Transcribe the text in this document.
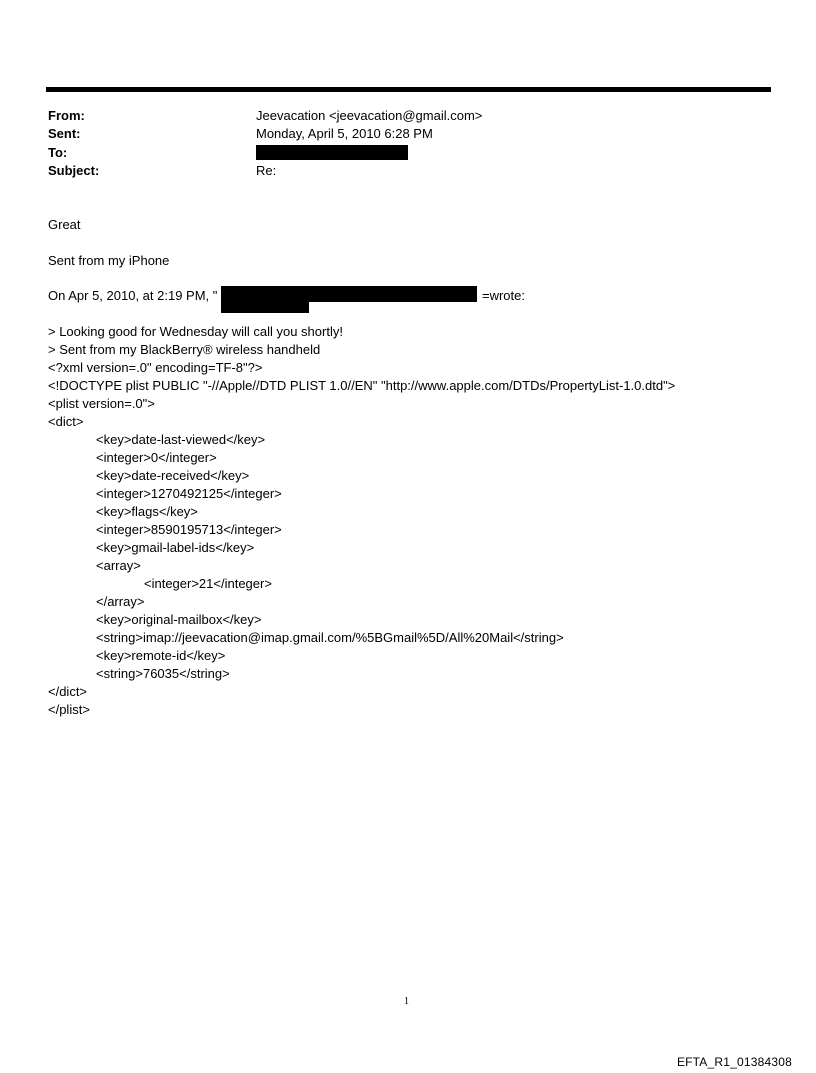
From:	Jeevacation <jeevacation@gmail.com>
Sent:	Monday, April 5, 2010 6:28 PM
To:
Subject:	Re:
Great
Sent from my iPhone
On Apr 5, 2010, at 2:19 PM, "	=wrote:
> Looking good for Wednesday will call you shortly!
> Sent from my BlackBerry® wireless handheld
<?xml version=.0" encoding=TF-8"?>
<!DOCTYPE plist PUBLIC "-//Apple//DTD PLIST 1.0//EN" "http://www.apple.com/DTDs/PropertyList-1.0.dtd">
<plist version=.0">
<dict>
<key>date-last-viewed</key>
<integer>0</integer>
<key>date-received</key>
<integer>1270492125</integer>
<key>flags</key>
<integer>8590195713</integer>
<key>gmail-label-ids</key>
<array>
<integer>21</integer>
</array>
<key>original-mailbox</key>
<string>imap://jeevacation@imap.gmail.com/%5BGmail%5D/All%20Mail</string>
<key>remote-id</key>
<string>76035</string>
</dict>
</plist>
1
EFTA_R1_01384308
